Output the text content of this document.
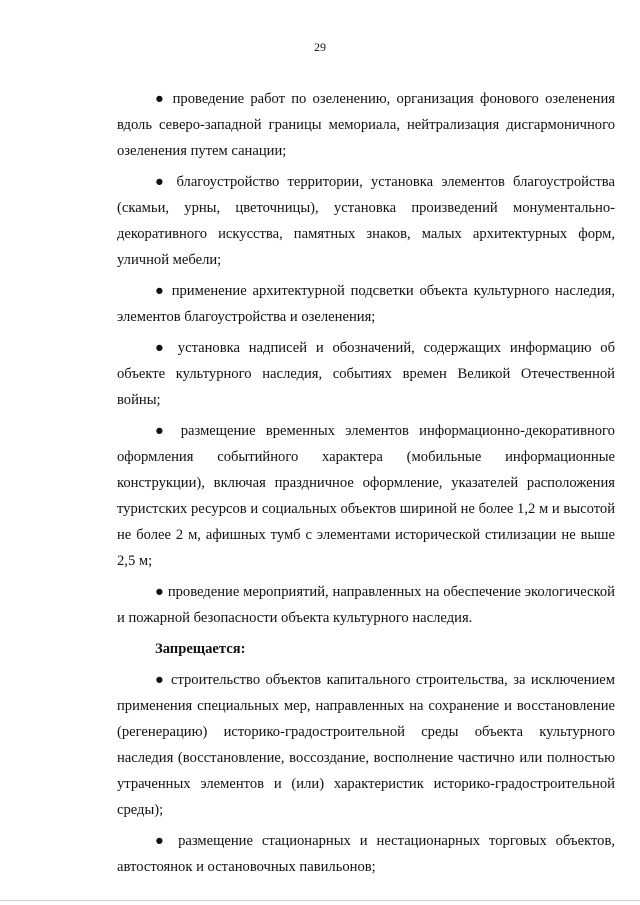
29

● проведение работ по озеленению, организация фонового озеленения вдоль северо-западной границы мемориала, нейтрализация дисгармоничного озеленения путем санации;

● благоустройство территории, установка элементов благоустройства (скамьи, урны, цветочницы), установка произведений монументально-декоративного искусства, памятных знаков, малых архитектурных форм, уличной мебели;

● применение архитектурной подсветки объекта культурного наследия, элементов благоустройства и озеленения;

● установка надписей и обозначений, содержащих информацию об объекте культурного наследия, событиях времен Великой Отечественной войны;

● размещение временных элементов информационно-декоративного оформления событийного характера (мобильные информационные конструкции), включая праздничное оформление, указателей расположения туристских ресурсов и социальных объектов шириной не более 1,2 м и высотой не более 2 м, афишных тумб с элементами исторической стилизации не выше 2,5 м;

● проведение мероприятий, направленных на обеспечение экологической и пожарной безопасности объекта культурного наследия.

Запрещается:

● строительство объектов капитального строительства, за исключением применения специальных мер, направленных на сохранение и восстановление (регенерацию) историко-градостроительной среды объекта культурного наследия (восстановление, воссоздание, восполнение частично или полностью утраченных элементов и (или) характеристик историко-градостроительной среды);

● размещение стационарных и нестационарных торговых объектов, автостоянок и остановочных павильонов;
